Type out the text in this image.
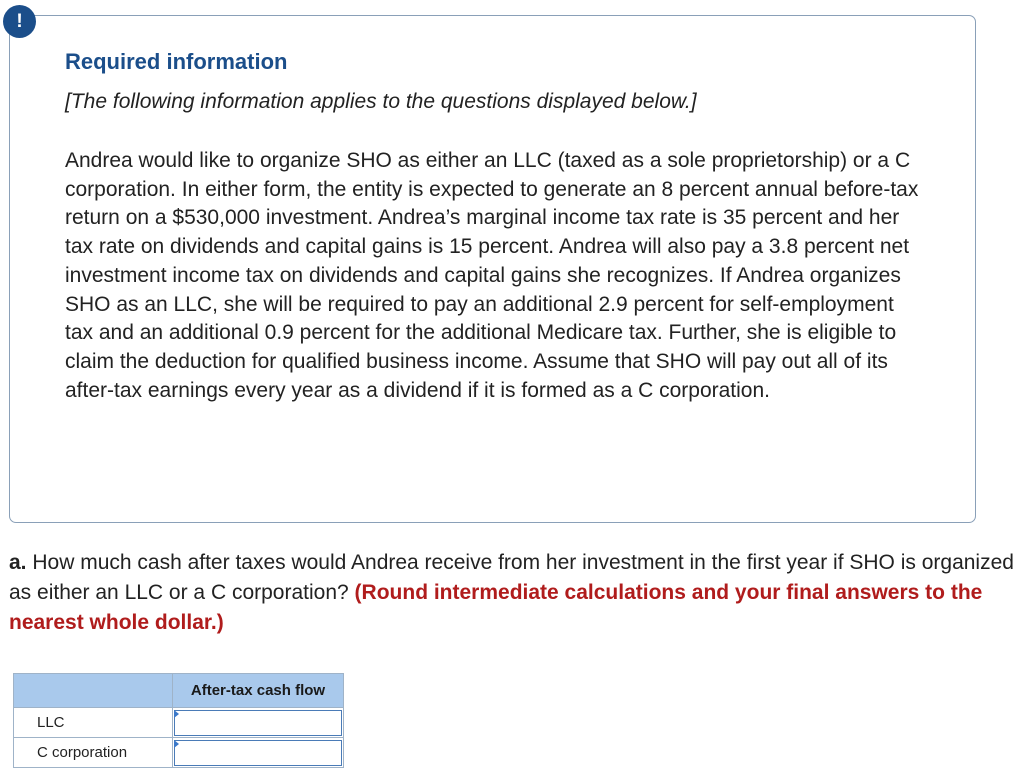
!
Required information

[The following information applies to the questions displayed below.]

Andrea would like to organize SHO as either an LLC (taxed as a sole proprietorship) or a C corporation. In either form, the entity is expected to generate an 8 percent annual before-tax return on a $530,000 investment. Andrea’s marginal income tax rate is 35 percent and her tax rate on dividends and capital gains is 15 percent. Andrea will also pay a 3.8 percent net investment income tax on dividends and capital gains she recognizes. If Andrea organizes SHO as an LLC, she will be required to pay an additional 2.9 percent for self-employment tax and an additional 0.9 percent for the additional Medicare tax. Further, she is eligible to claim the deduction for qualified business income. Assume that SHO will pay out all of its after-tax earnings every year as a dividend if it is formed as a C corporation.

a. How much cash after taxes would Andrea receive from her investment in the first year if SHO is organized as either an LLC or a C corporation? (Round intermediate calculations and your final answers to the nearest whole dollar.)

	After-tax cash flow
LLC	

C corporation	
